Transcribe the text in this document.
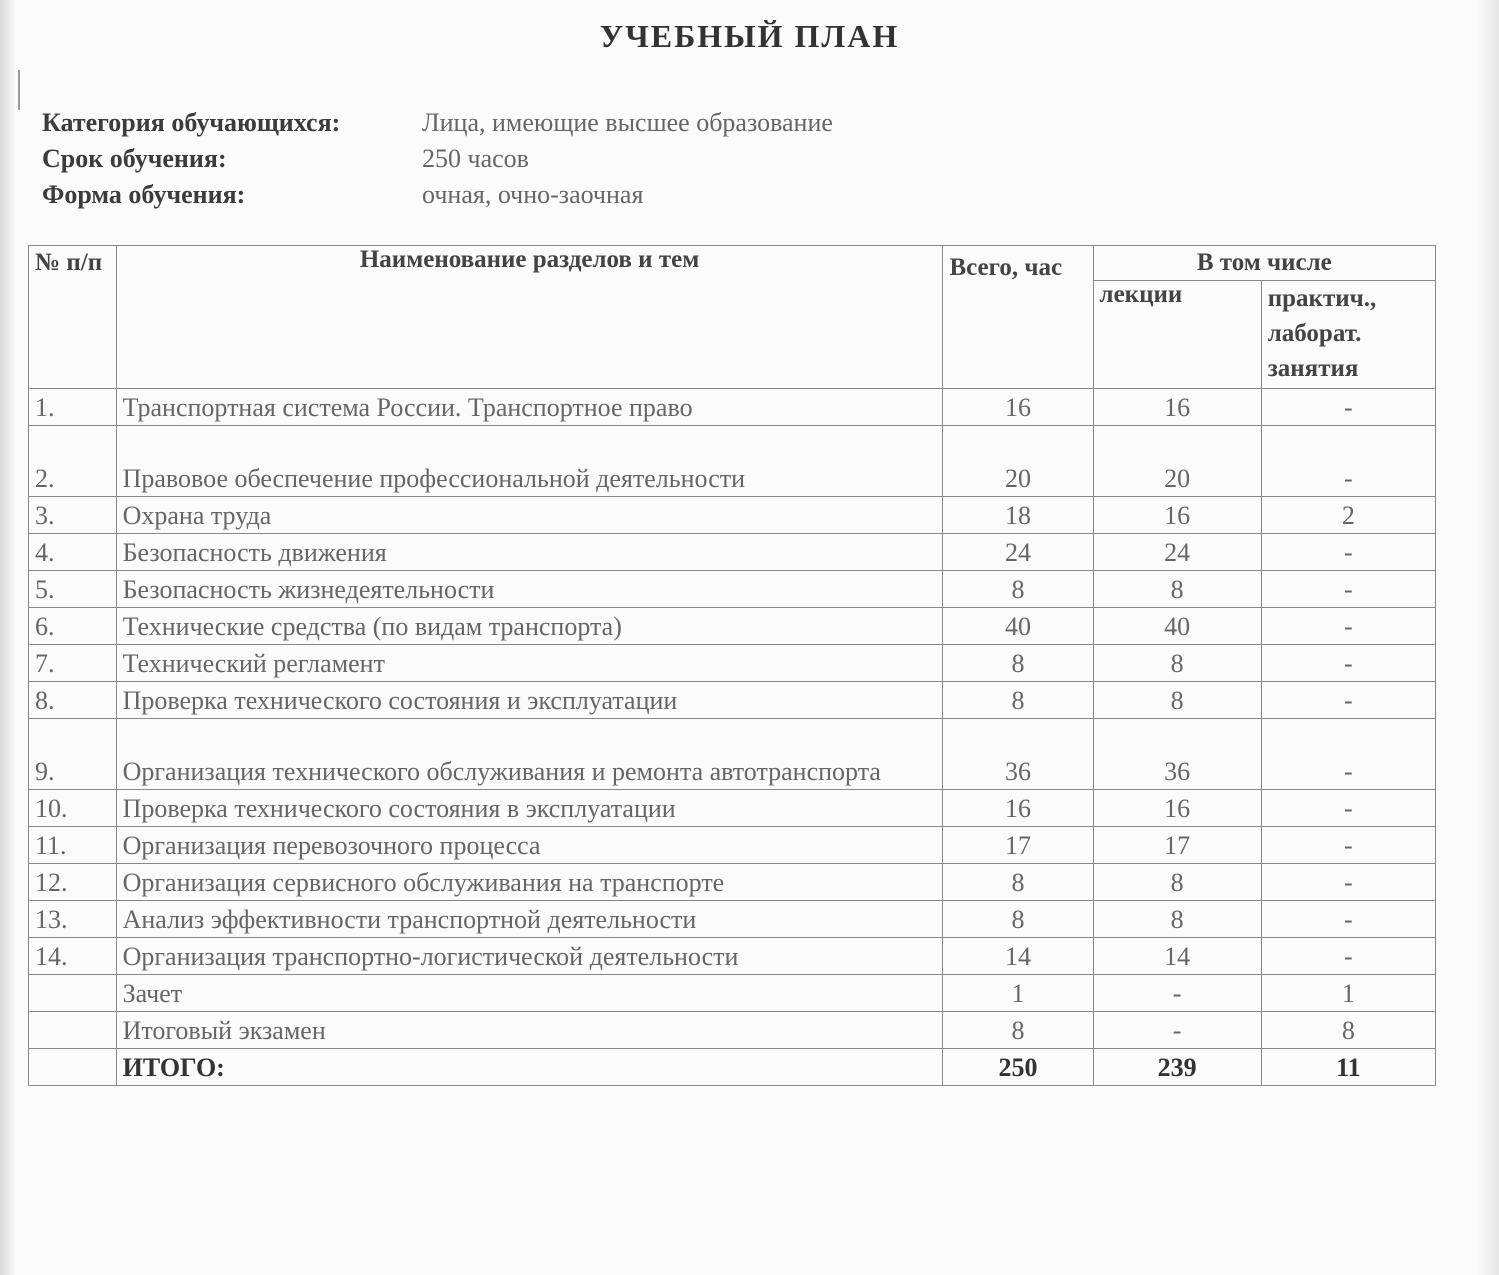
УЧЕБНЫЙ ПЛАН
Категория обучающихся:	Лица, имеющие высшее образование
Срок обучения:	250 часов
Форма обучения:	очная, очно-заочная
№ п/п	Наименование разделов и тем	Всего, час	В том числе	
			лекции	практич., лаборат. занятия
1.	Транспортная система России. Транспортное право	16	16	-
2.	Правовое обеспечение профессиональной деятельности	20	20	-
3.	Охрана труда	18	16	2
4.	Безопасность движения	24	24	-
5.	Безопасность жизнедеятельности	8	8	-
6.	Технические средства (по видам транспорта)	40	40	-
7.	Технический регламент	8	8	-
8.	Проверка технического состояния и эксплуатации	8	8	-
9.	Организация технического обслуживания и ремонта автотранспорта	36	36	-
10.	Проверка технического состояния в эксплуатации	16	16	-
11.	Организация перевозочного процесса	17	17	-
12.	Организация сервисного обслуживания на транспорте	8	8	-
13.	Анализ эффективности транспортной деятельности	8	8	-
14.	Организация транспортно-логистической деятельности	14	14	-
	Зачет	1	-	1
	Итоговый экзамен	8	-	8
	ИТОГО:	250	239	11
